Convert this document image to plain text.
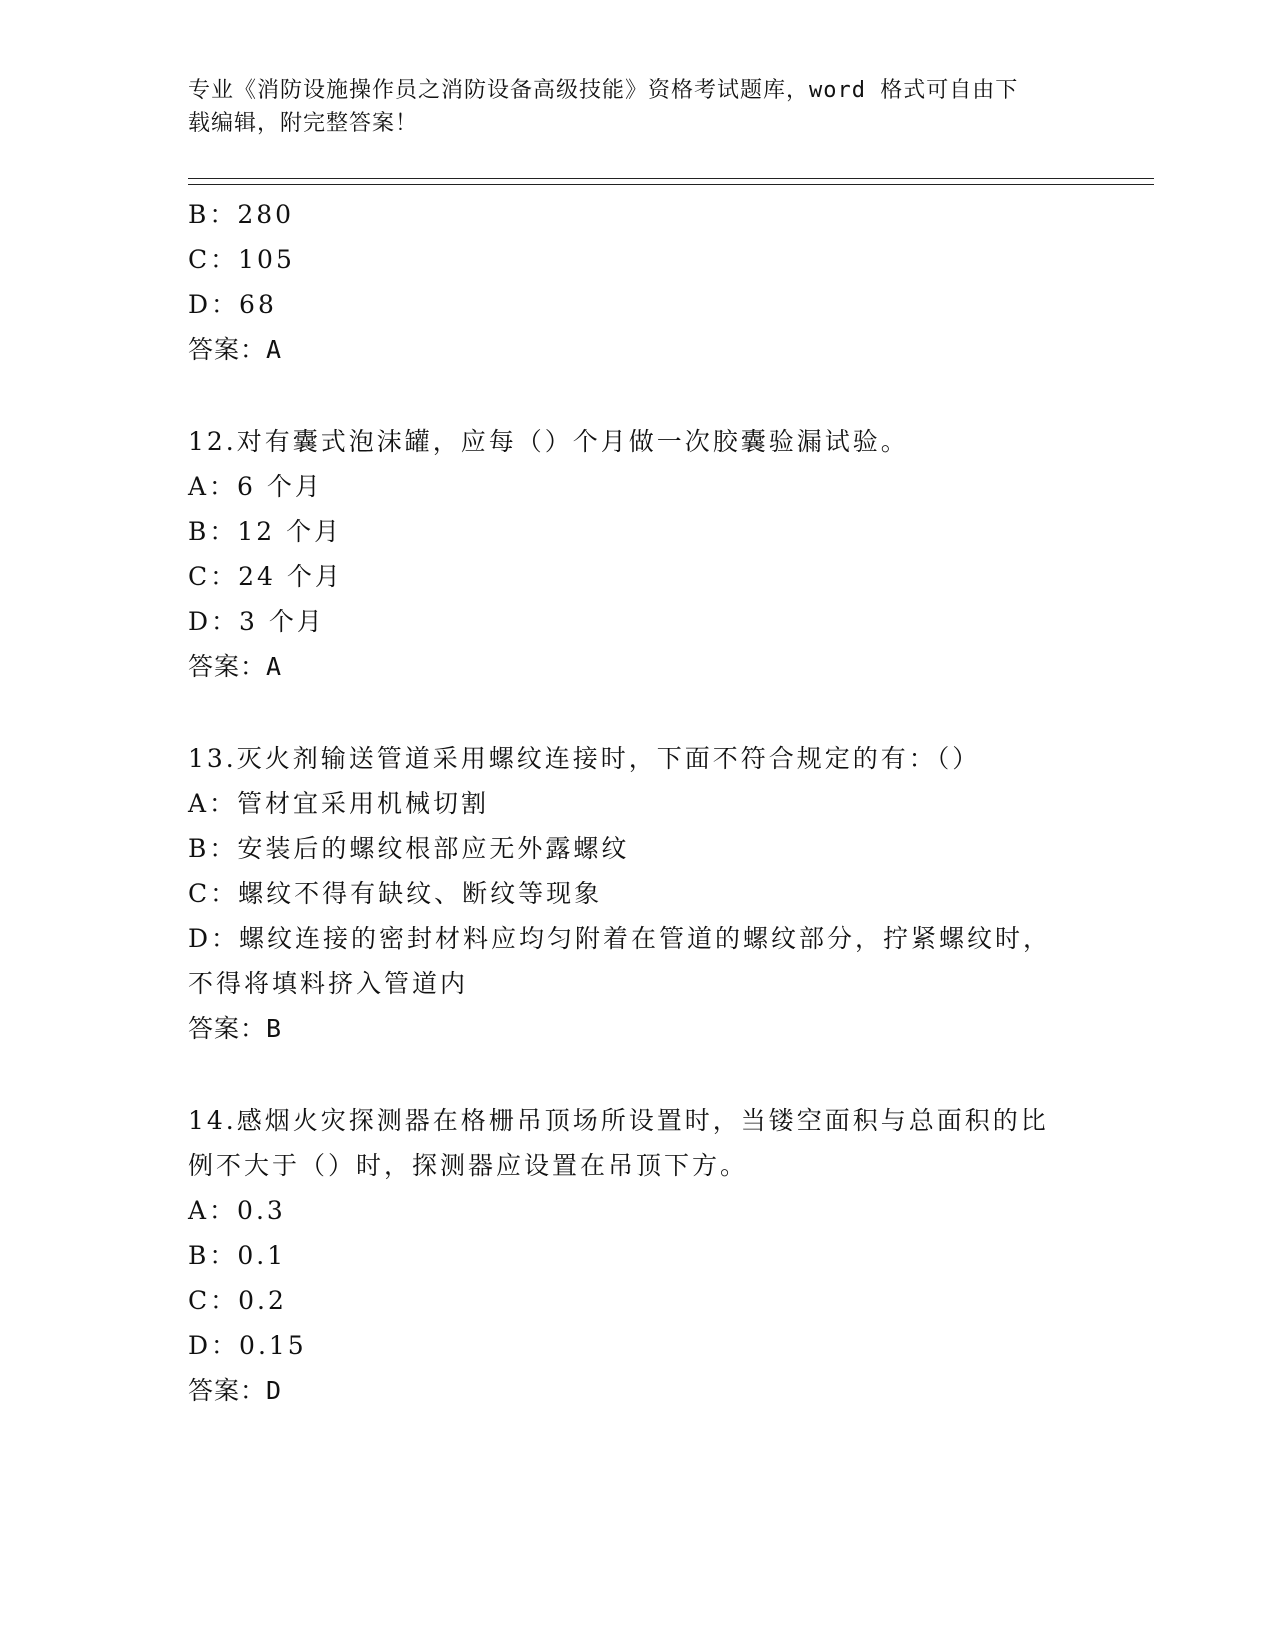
专业《消防设施操作员之消防设备高级技能》资格考试题库，word 格式可自由下
载编辑，附完整答案！
B：280
C：105
D：68
答案：A
12.对有囊式泡沫罐，应每（）个月做一次胶囊验漏试验。
A：6 个月
B：12 个月
C：24 个月
D：3 个月
答案：A
13.灭火剂输送管道采用螺纹连接时，下面不符合规定的有：（）
A：管材宜采用机械切割
B：安装后的螺纹根部应无外露螺纹
C：螺纹不得有缺纹、断纹等现象
D：螺纹连接的密封材料应均匀附着在管道的螺纹部分，拧紧螺纹时，
不得将填料挤入管道内
答案：B
14.感烟火灾探测器在格栅吊顶场所设置时，当镂空面积与总面积的比
例不大于（）时，探测器应设置在吊顶下方。
A：0.3
B：0.1
C：0.2
D：0.15
答案：D
